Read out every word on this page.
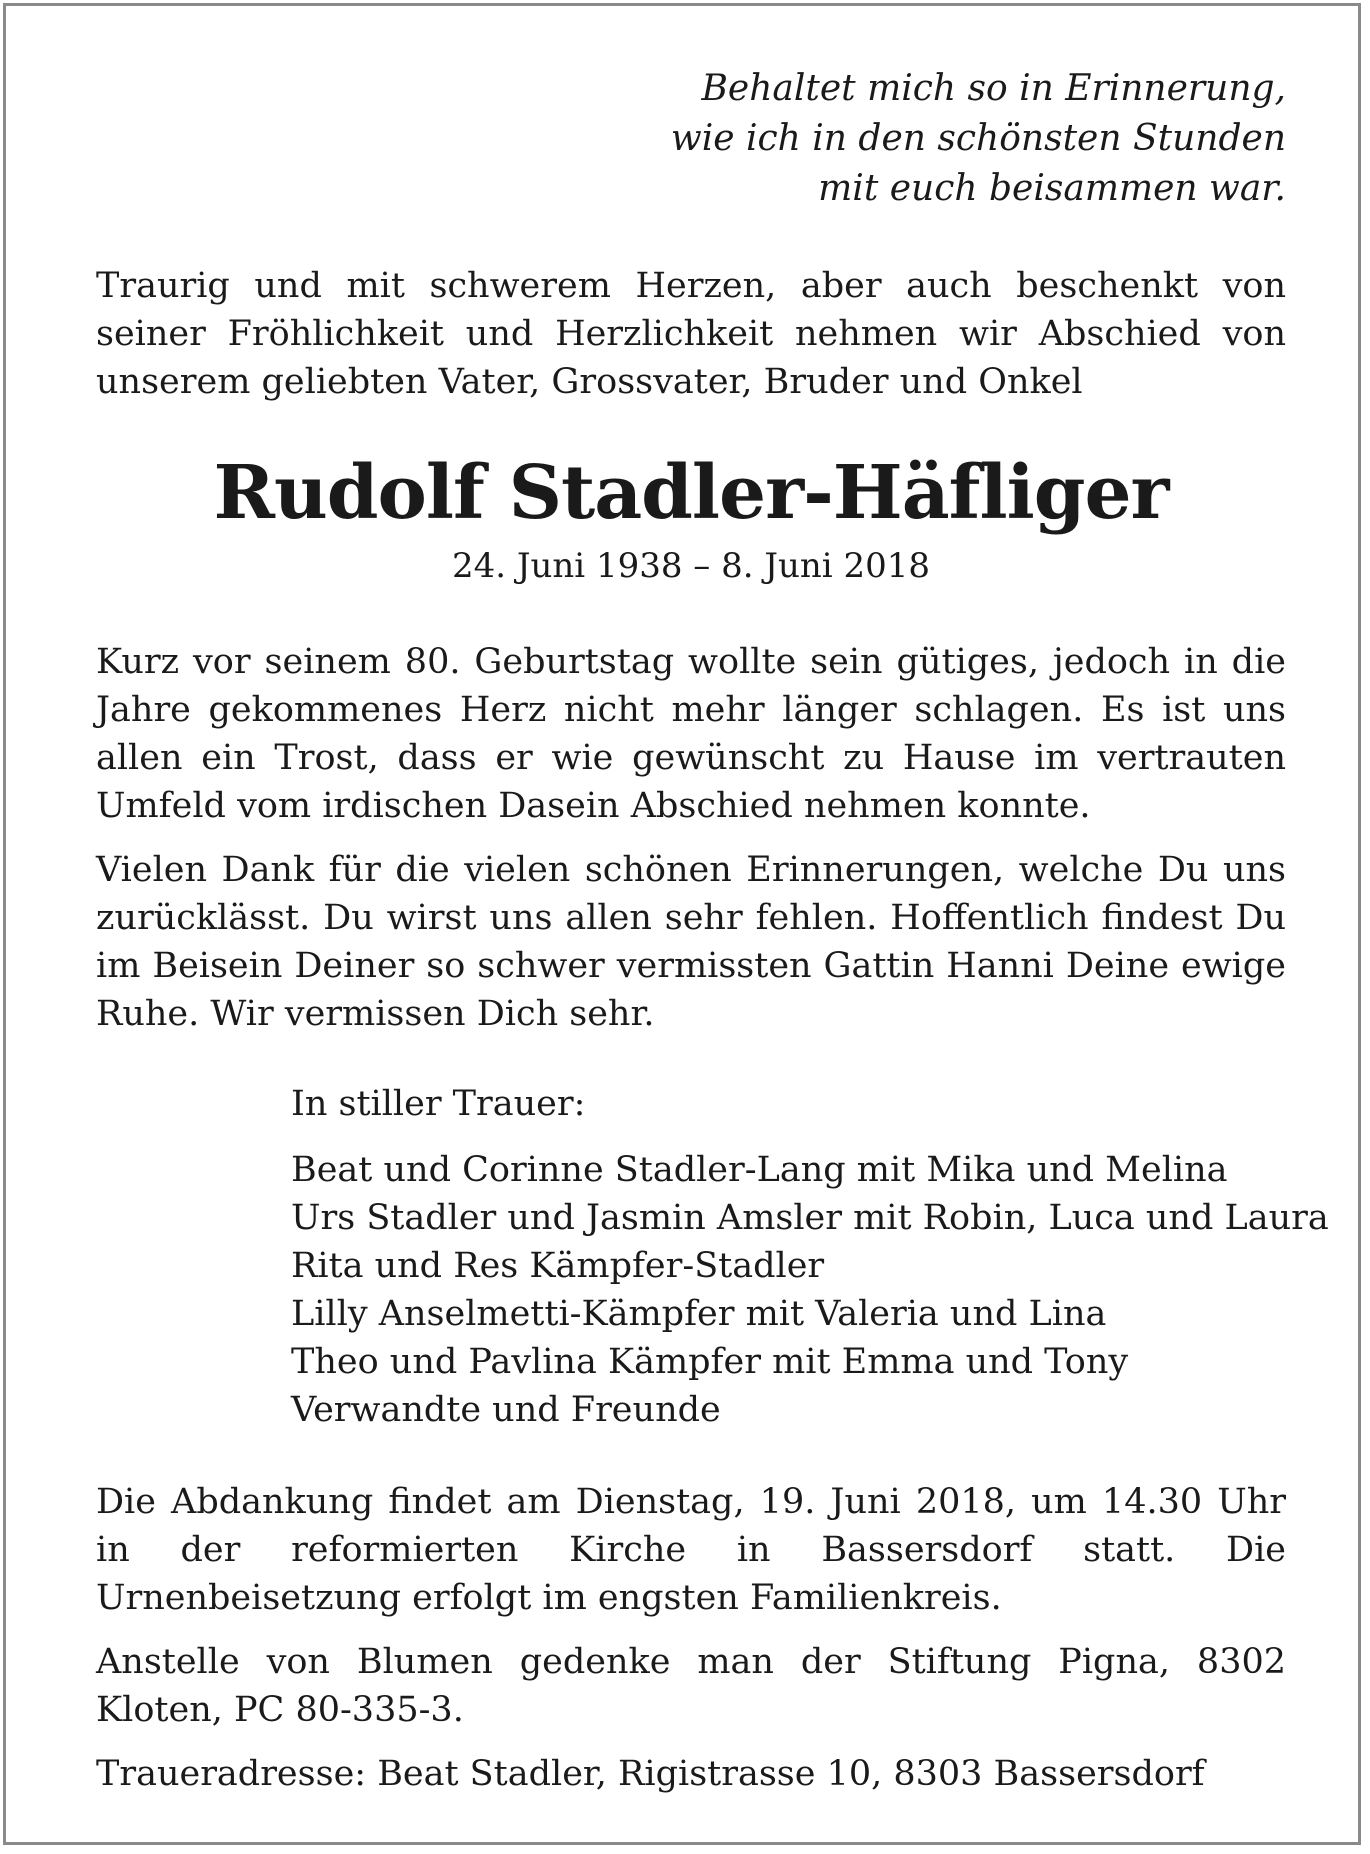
Behaltet mich so in Erinnerung,
wie ich in den schönsten Stunden
mit euch beisammen war.

Traurig und mit schwerem Herzen, aber auch beschenkt von seiner Fröhlichkeit und Herzlichkeit nehmen wir Abschied von unserem geliebten Vater, Grossvater, Bruder und Onkel

Rudolf Stadler-Häfliger
24. Juni 1938 – 8. Juni 2018

Kurz vor seinem 80. Geburtstag wollte sein gütiges, jedoch in die Jahre gekommenes Herz nicht mehr länger schlagen. Es ist uns allen ein Trost, dass er wie gewünscht zu Hause im vertrauten Umfeld vom irdischen Dasein Abschied nehmen konnte.

Vielen Dank für die vielen schönen Erinnerungen, welche Du uns zurücklässt. Du wirst uns allen sehr fehlen. Hoffentlich findest Du im Beisein Deiner so schwer vermissten Gattin Hanni Deine ewige Ruhe. Wir vermissen Dich sehr.

In stiller Trauer:
Beat und Corinne Stadler-Lang mit Mika und Melina
Urs Stadler und Jasmin Amsler mit Robin, Luca und Laura
Rita und Res Kämpfer-Stadler
Lilly Anselmetti-Kämpfer mit Valeria und Lina
Theo und Pavlina Kämpfer mit Emma und Tony
Verwandte und Freunde

Die Abdankung findet am Dienstag, 19. Juni 2018, um 14.30 Uhr in der reformierten Kirche in Bassersdorf statt. Die Urnenbeisetzung erfolgt im engsten Familienkreis.

Anstelle von Blumen gedenke man der Stiftung Pigna, 8302 Kloten, PC 80-335-3.

Traueradresse: Beat Stadler, Rigistrasse 10, 8303 Bassersdorf
